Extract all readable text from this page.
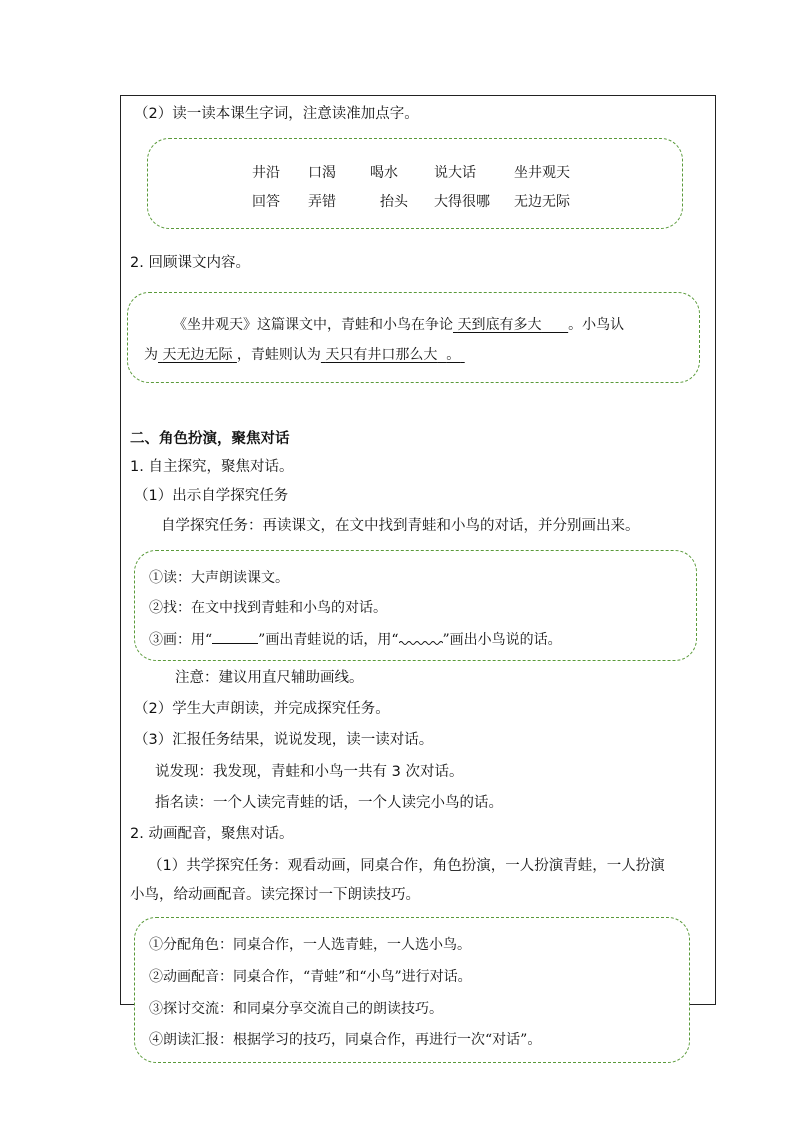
（2）读一读本课生字词，注意读准加点字。
井沿 口渴 喝水	说大话	坐井观天
回答 弄错	抬头 大得很哪 无边无际
2. 回顾课文内容。
《坐井观天》这篇课文中，青蛙和小鸟在争论 天到底有多大 。小鸟认
为 天无边无际 ，青蛙则认为 天只有井口那么大 。
二、角色扮演，聚焦对话
1. 自主探究，聚焦对话。
（1）出示自学探究任务
自学探究任务：再读课文，在文中找到青蛙和小鸟的对话，并分别画出来。
①读：大声朗读课文。
②找：在文中找到青蛙和小鸟的对话。
③画：用“	”画出青蛙说的话，用“	”画出小鸟说的话。
注意：建议用直尺辅助画线。
（2）学生大声朗读，并完成探究任务。
（3）汇报任务结果，说说发现，读一读对话。
说发现：我发现，青蛙和小鸟一共有 3 次对话。
指名读：一个人读完青蛙的话，一个人读完小鸟的话。
2. 动画配音，聚焦对话。
（1）共学探究任务：观看动画，同桌合作，角色扮演，一人扮演青蛙，一人扮演
小鸟，给动画配音。读完探讨一下朗读技巧。
①分配角色：同桌合作，一人选青蛙，一人选小鸟。
②动画配音：同桌合作，“青蛙”和“小鸟”进行对话。
③探讨交流：和同桌分享交流自己的朗读技巧。
④朗读汇报：根据学习的技巧，同桌合作，再进行一次“对话”。
